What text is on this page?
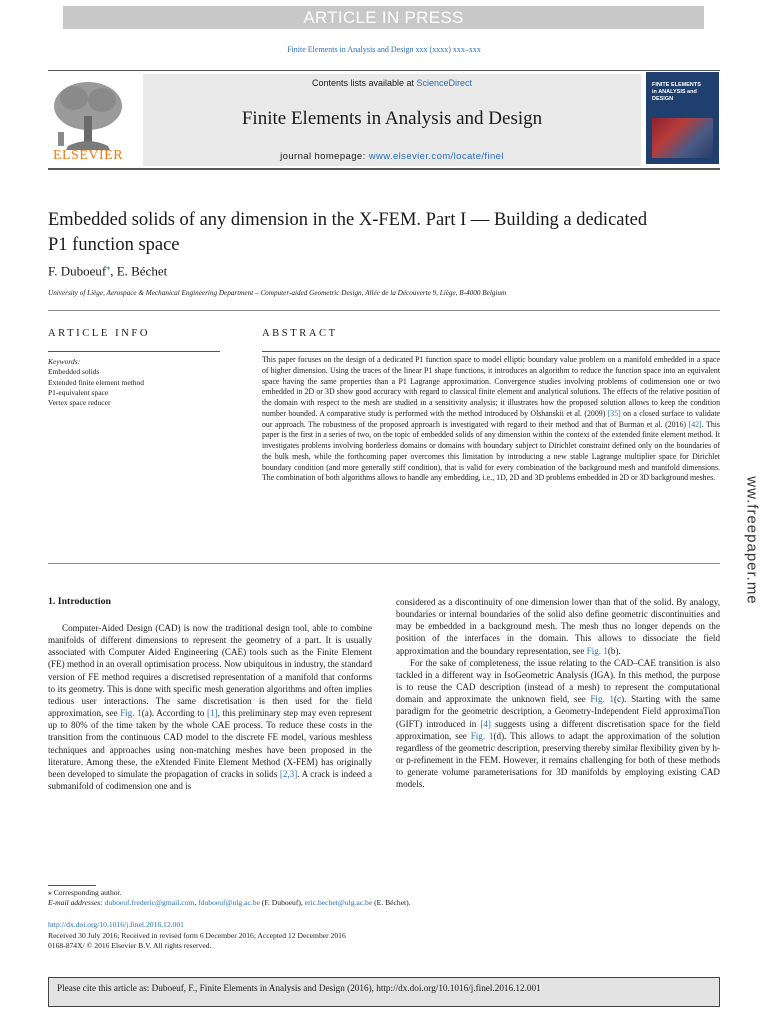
ARTICLE IN PRESS
Finite Elements in Analysis and Design xxx (xxxx) xxx–xxx
ELSEVIER
Contents lists available at ScienceDirect
Finite Elements in Analysis and Design
journal homepage: www.elsevier.com/locate/finel
FINITE ELEMENTS
in ANALYSIS and
DESIGN
Embedded solids of any dimension in the X-FEM. Part I — Building a dedicated P1 function space
F. Duboeuf⁎, E. Béchet
University of Liège, Aerospace & Mechanical Engineering Department – Computer-aided Geometric Design, Allée de la Découverte 9, Liège, B-4000 Belgium
ARTICLE INFO
Keywords:
Embedded solids
Extended finite element method
P1-equivalent space
Vertex space reducer
ABSTRACT
This paper focuses on the design of a dedicated P1 function space to model elliptic boundary value problem on a manifold embedded in a space of higher dimension. Using the traces of the linear P1 shape functions, it introduces an algorithm to reduce the function space into an equivalent space having the same properties than a P1 Lagrange approximation. Convergence studies involving problems of codimension one or two embedded in 2D or 3D show good accuracy with regard to classical finite element and analytical solutions. The effects of the relative position of the domain with respect to the mesh are studied in a sensitivity analysis; it illustrates how the proposed solution allows to keep the condition number bounded. A comparative study is performed with the method introduced by Olshanskii et al. (2009) [35] on a closed surface to validate our approach. The robustness of the proposed approach is investigated with regard to their method and that of Burman et al. (2016) [42]. This paper is the first in a series of two, on the topic of embedded solids of any dimension within the context of the extended finite element method. It investigates problems involving borderless domains or domains with boundary subject to Dirichlet constraint defined only on the boundaries of the bulk mesh, while the forthcoming paper overcomes this limitation by introducing a new stable Lagrange multiplier space for Dirichlet boundary condition (and more generally stiff condition), that is valid for every combination of the background mesh and manifold dimensions. The combination of both algorithms allows to handle any embedding, i.e., 1D, 2D and 3D problems embedded in 2D or 3D background meshes.	ww.freepaper.me
1. Introduction

Computer-Aided Design (CAD) is now the traditional design tool, able to combine manifolds of different dimensions to represent the geometry of a part. It is usually associated with Computer Aided Engineering (CAE) tools such as the Finite Element (FE) method in an overall optimisation process. Now ubiquitous in industry, the standard version of FE method requires a discretised representation of a manifold that conforms to its geometry. This is done with specific mesh generation algorithms and often implies tedious user interactions. The same discretisation is then used for the field approximation, see Fig. 1(a). According to [1], this preliminary step may even represent up to 80% of the time taken by the whole CAE process. To reduce these costs in the transition from the continuous CAD model to the discrete FE model, various meshless techniques and approaches using non-matching meshes have been proposed in the literature. Among these, the eXtended Finite Element Method (X-FEM) has originally been developed to simulate the propagation of cracks in solids [2,3]. A crack is indeed a submanifold of codimension one and is

considered as a discontinuity of one dimension lower than that of the solid. By analogy, boundaries or internal boundaries of the solid also define geometric discontinuities and may be embedded in a background mesh. The mesh thus no longer depends on the position of the interfaces in the domain. This allows to dissociate the field approximation and the boundary representation, see Fig. 1(b).

For the sake of completeness, the issue relating to the CAD–CAE transition is also tackled in a different way in IsoGeometric Analysis (IGA). In this method, the purpose is to reuse the CAD description (instead of a mesh) to represent the computational domain and approximate the unknown field, see Fig. 1(c). Starting with the same paradigm for the geometric description, a Geometry-Independent Field approximaTion (GIFT) introduced in [4] suggests using a different discretisation space for the field approximation, see Fig. 1(d). This allows to adapt the approximation of the solution regardless of the geometric description, preserving thereby similar flexibility given by h- or p-refinement in the FEM. However, it remains challenging for both of these methods to generate volume parameterisations for 3D manifolds by employing existing CAD models.

⁎ Corresponding author.
E-mail addresses: duboeuf.frederic@gmail.com, fduboeuf@ulg.ac.be (F. Duboeuf), eric.bechet@ulg.ac.be (E. Béchet).
http://dx.doi.org/10.1016/j.finel.2016.12.001
Received 30 July 2016; Received in revised form 6 December 2016; Accepted 12 December 2016
0168-874X/ © 2016 Elsevier B.V. All rights reserved.
Please cite this article as: Duboeuf, F., Finite Elements in Analysis and Design (2016), http://dx.doi.org/10.1016/j.finel.2016.12.001
